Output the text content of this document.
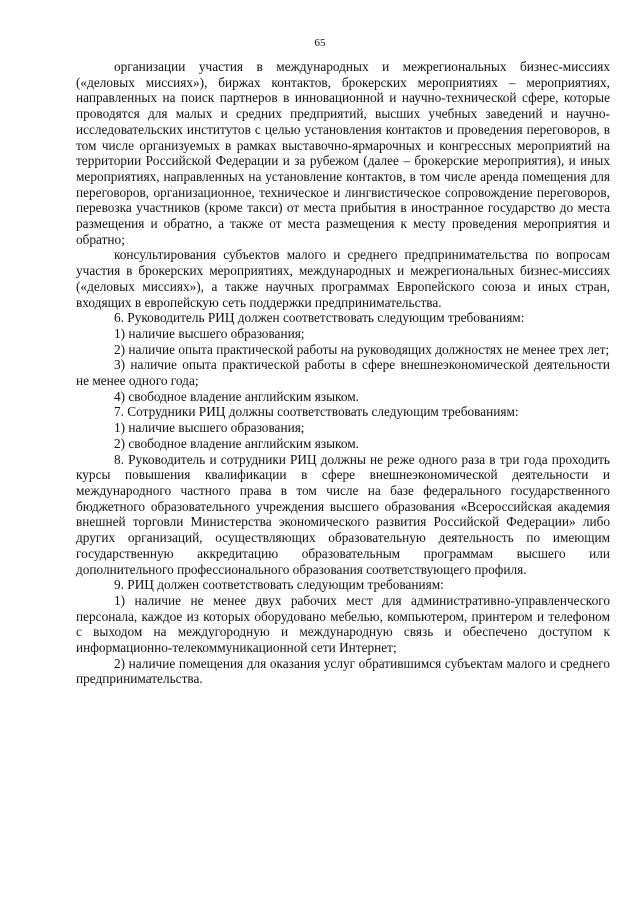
65

организации участия в международных и межрегиональных бизнес-миссиях («деловых миссиях»), биржах контактов, брокерских мероприятиях – мероприятиях, направленных на поиск партнеров в инновационной и научно-технической сфере, которые проводятся для малых и средних предприятий, высших учебных заведений и научно-исследовательских институтов с целью установления контактов и проведения переговоров, в том числе организуемых в рамках выставочно-ярмарочных и конгрессных мероприятий на территории Российской Федерации и за рубежом (далее – брокерские мероприятия), и иных мероприятиях, направленных на установление контактов, в том числе аренда помещения для переговоров, организационное, техническое и лингвистическое сопровождение переговоров, перевозка участников (кроме такси) от места прибытия в иностранное государство до места размещения и обратно, а также от места размещения к месту проведения мероприятия и обратно;

консультирования субъектов малого и среднего предпринимательства по вопросам участия в брокерских мероприятиях, международных и межрегиональных бизнес-миссиях («деловых миссиях»), а также научных программах Европейского союза и иных стран, входящих в европейскую сеть поддержки предпринимательства.

6. Руководитель РИЦ должен соответствовать следующим требованиям:

1) наличие высшего образования;

2) наличие опыта практической работы на руководящих должностях не менее трех лет;

3) наличие опыта практической работы в сфере внешнеэкономической деятельности не менее одного года;

4) свободное владение английским языком.

7. Сотрудники РИЦ должны соответствовать следующим требованиям:

1) наличие высшего образования;

2) свободное владение английским языком.

8. Руководитель и сотрудники РИЦ должны не реже одного раза в три года проходить курсы повышения квалификации в сфере внешнеэкономической деятельности и международного частного права в том числе на базе федерального государственного бюджетного образовательного учреждения высшего образования «Всероссийская академия внешней торговли Министерства экономического развития Российской Федерации» либо других организаций, осуществляющих образовательную деятельность по имеющим государственную аккредитацию образовательным программам высшего или дополнительного профессионального образования соответствующего профиля.

9. РИЦ должен соответствовать следующим требованиям:

1) наличие не менее двух рабочих мест для административно-управленческого персонала, каждое из которых оборудовано мебелью, компьютером, принтером и телефоном с выходом на междугородную и международную связь и обеспечено доступом к информационно-телекоммуникационной сети Интернет;

2) наличие помещения для оказания услуг обратившимся субъектам малого и среднего предпринимательства.
